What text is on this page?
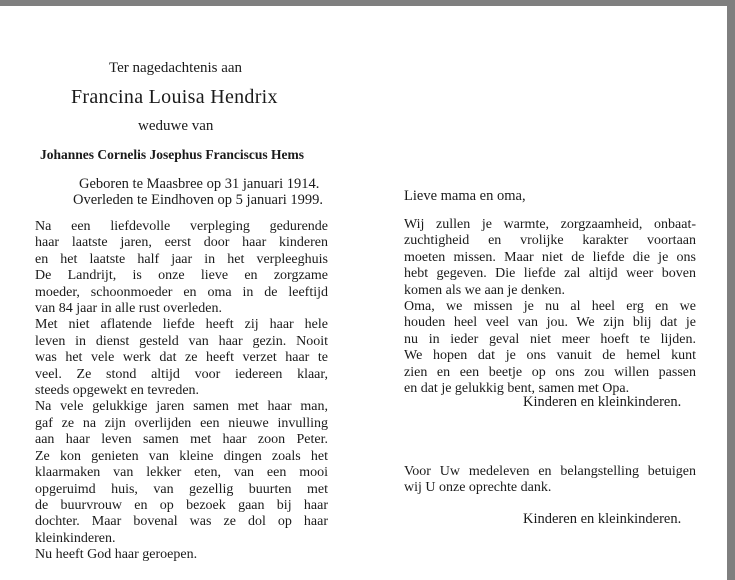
Ter nagedachtenis aan
Francina Louisa Hendrix
weduwe van
Johannes Cornelis Josephus Franciscus Hems
Geboren te Maasbree op 31 januari 1914.
Overleden te Eindhoven op 5 januari 1999.
Na een liefdevolle verpleging gedurende
haar laatste jaren, eerst door haar kinderen
en het laatste half jaar in het verpleeghuis
De Landrijt, is onze lieve en zorgzame
moeder, schoonmoeder en oma in de leeftijd
van 84 jaar in alle rust overleden.
Met niet aflatende liefde heeft zij haar hele
leven in dienst gesteld van haar gezin. Nooit
was het vele werk dat ze heeft verzet haar te
veel. Ze stond altijd voor iedereen klaar,
steeds opgewekt en tevreden.
Na vele gelukkige jaren samen met haar man,
gaf ze na zijn overlijden een nieuwe invulling
aan haar leven samen met haar zoon Peter.
Ze kon genieten van kleine dingen zoals het
klaarmaken van lekker eten, van een mooi
opgeruimd huis, van gezellig buurten met
de buurvrouw en op bezoek gaan bij haar
dochter. Maar bovenal was ze dol op haar
kleinkinderen.
Nu heeft God haar geroepen.
Lieve mama en oma,
Wij zullen je warmte, zorgzaamheid, onbaat-
zuchtigheid en vrolijke karakter voortaan
moeten missen. Maar niet de liefde die je ons
hebt gegeven. Die liefde zal altijd weer boven
komen als we aan je denken.
Oma, we missen je nu al heel erg en we
houden heel veel van jou. We zijn blij dat je
nu in ieder geval niet meer hoeft te lijden.
We hopen dat je ons vanuit de hemel kunt
zien en een beetje op ons zou willen passen
en dat je gelukkig bent, samen met Opa.
Kinderen en kleinkinderen.
Voor Uw medeleven en belangstelling betuigen
wij U onze oprechte dank.
Kinderen en kleinkinderen.
